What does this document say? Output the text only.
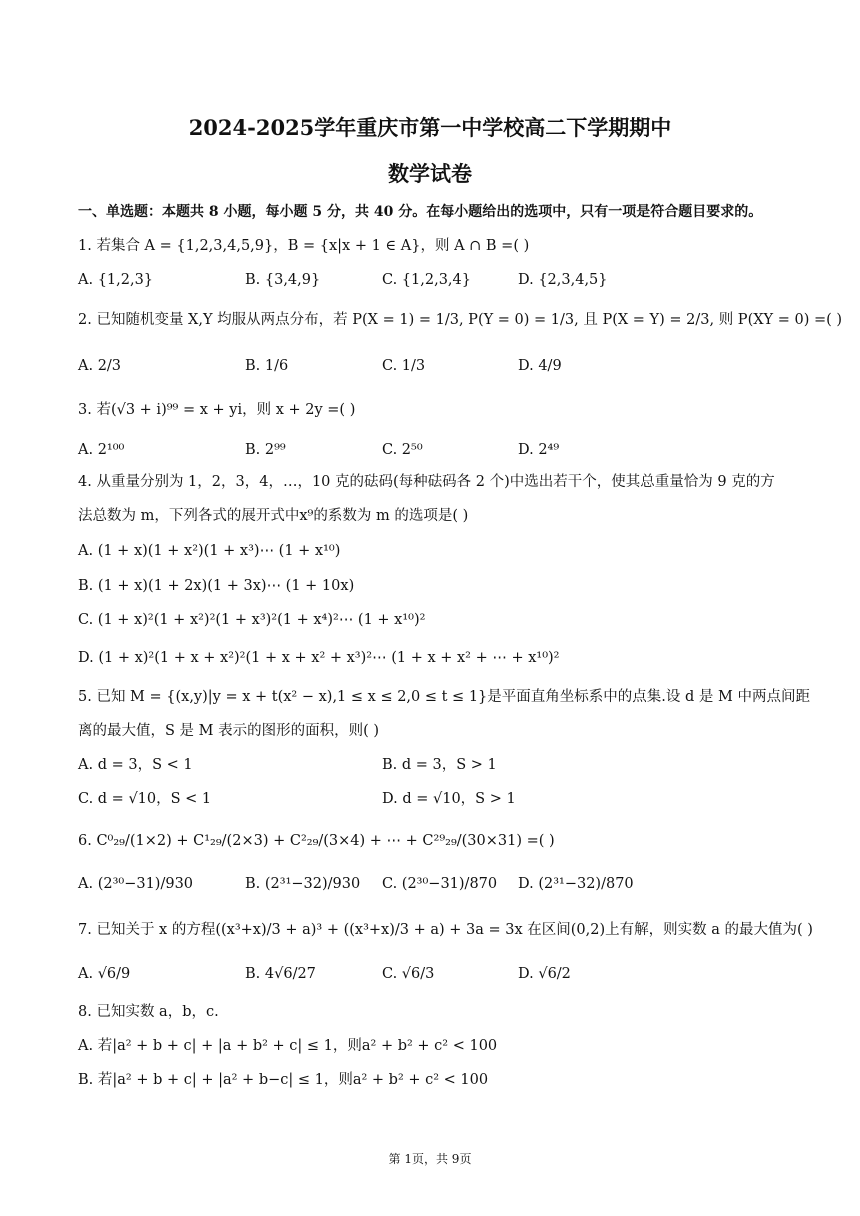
2024-2025学年重庆市第一中学校高二下学期期中
数学试卷
一、单选题：本题共 8 小题，每小题 5 分，共 40 分。在每小题给出的选项中，只有一项是符合题目要求的。
1. 若集合 A = {1,2,3,4,5,9}，B = {x|x + 1 ∈ A}，则 A ∩ B =( )
A. {1,2,3}	B. {3,4,9}	C. {1,2,3,4}	D. {2,3,4,5}
2. 已知随机变量 X,Y 均服从两点分布，若 P(X = 1) = 1/3, P(Y = 0) = 1/3, 且 P(X = Y) = 2/3, 则 P(XY = 0) =( )
A. 2/3	B. 1/6	C. 1/3	D. 4/9
3. 若(√3 + i)⁹⁹ = x + yi，则 x + 2y =( )
A. 2¹⁰⁰	B. 2⁹⁹	C. 2⁵⁰	D. 2⁴⁹
4. 从重量分别为 1，2，3，4，…，10 克的砝码(每种砝码各 2 个)中选出若干个，使其总重量恰为 9 克的方
法总数为 m，下列各式的展开式中x⁹的系数为 m 的选项是( )
A. (1 + x)(1 + x²)(1 + x³)⋯ (1 + x¹⁰)
B. (1 + x)(1 + 2x)(1 + 3x)⋯ (1 + 10x)
C. (1 + x)²(1 + x²)²(1 + x³)²(1 + x⁴)²⋯ (1 + x¹⁰)²
D. (1 + x)²(1 + x + x²)²(1 + x + x² + x³)²⋯ (1 + x + x² + ⋯ + x¹⁰)²
5. 已知 M = {(x,y)|y = x + t(x² − x),1 ≤ x ≤ 2,0 ≤ t ≤ 1}是平面直角坐标系中的点集.设 d 是 M 中两点间距
离的最大值，S 是 M 表示的图形的面积，则( )
A. d = 3，S < 1	B. d = 3，S > 1
C. d = √10，S < 1	D. d = √10，S > 1
6. C⁰₂₉/(1×2) + C¹₂₉/(2×3) + C²₂₉/(3×4) + ⋯ + C²⁹₂₉/(30×31) =( )
A. (2³⁰−31)/930	B. (2³¹−32)/930 C. (2³⁰−31)/870 D. (2³¹−32)/870
7. 已知关于 x 的方程((x³+x)/3 + a)³ + ((x³+x)/3 + a) + 3a = 3x 在区间(0,2)上有解，则实数 a 的最大值为( )
A. √6/9	B. 4√6/27	C. √6/3	D. √6/2
8. 已知实数 a，b，c.
A. 若|a² + b + c| + |a + b² + c| ≤ 1，则a² + b² + c² < 100
B. 若|a² + b + c| + |a² + b−c| ≤ 1，则a² + b² + c² < 100
第 1页，共 9页
